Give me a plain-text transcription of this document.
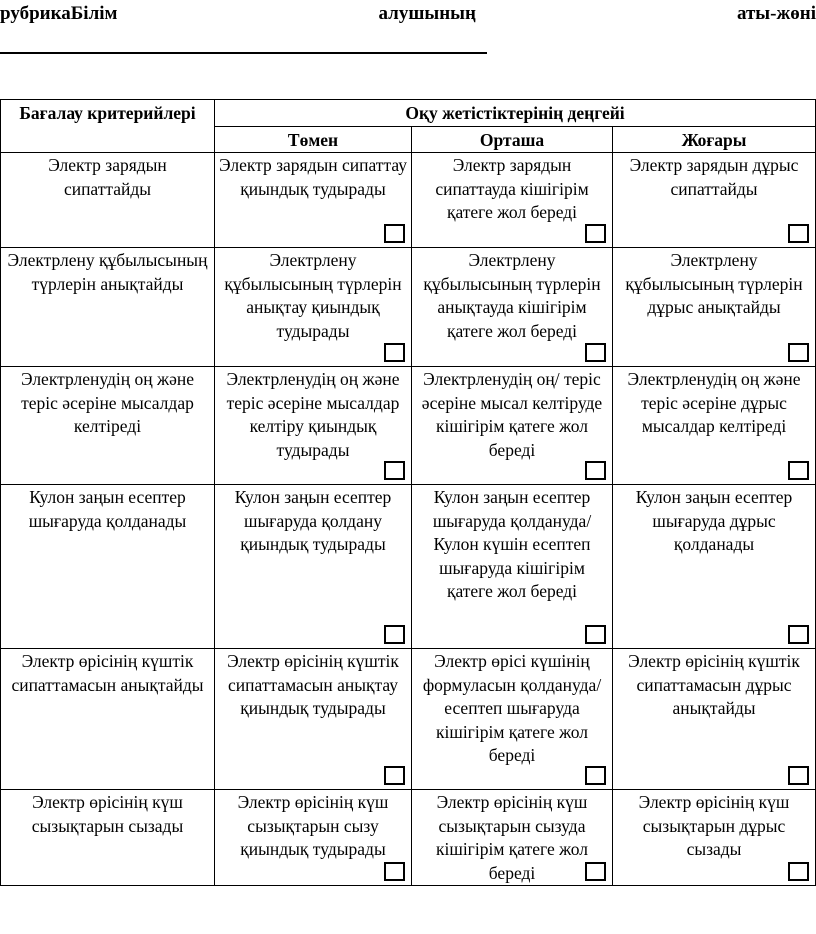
рубрикаБілім	алушының	аты-жөні
Бағалау критерийлері	Оқу жетістіктерінің деңгейі		
	Төмен	Орташа	Жоғары

Электр зарядын сипаттайды	Электр зарядын сипаттау қиындық тудырады	Электр зарядын сипаттауда кішігірім қатеге жол береді	Электр зарядын дұрыс сипаттайды

Электрлену құбылысының түрлерін анықтайды	Электрлену құбылысының түрлерін анықтау қиындық тудырады	Электрлену құбылысының түрлерін анықтауда кішігірім қатеге жол береді	Электрлену құбылысының түрлерін дұрыс анықтайды

Электрленудің оң және теріс әсеріне мысалдар келтіреді	Электрленудің оң және теріс әсеріне мысалдар келтіру қиындық тудырады	Электрленудің оң/ теріс әсеріне мысал келтіруде кішігірім қатеге жол береді	Электрленудің оң және теріс әсеріне дұрыс мысалдар келтіреді

Кулон заңын есептер шығаруда қолданады	Кулон заңын есептер шығаруда қолдану қиындық тудырады	Кулон заңын есептер шығаруда қолдануда/Кулон күшін есептеп шығаруда кішігірім қатеге жол береді	Кулон заңын есептер шығаруда дұрыс қолданады

Электр өрісінің күштік сипаттамасын анықтайды	Электр өрісінің күштік сипаттамасын анықтау қиындық тудырады	Электр өрісі күшінің формуласын қолдануда/есептеп шығаруда кішігірім қатеге жол береді	Электр өрісінің күштік сипаттамасын дұрыс анықтайды

Электр өрісінің күш сызықтарын сызады	Электр өрісінің күш сызықтарын сызу қиындық тудырады	Электр өрісінің күш сызықтарын сызуда кішігірім қатеге жол береді	Электр өрісінің күш сызықтарын дұрыс сызады
